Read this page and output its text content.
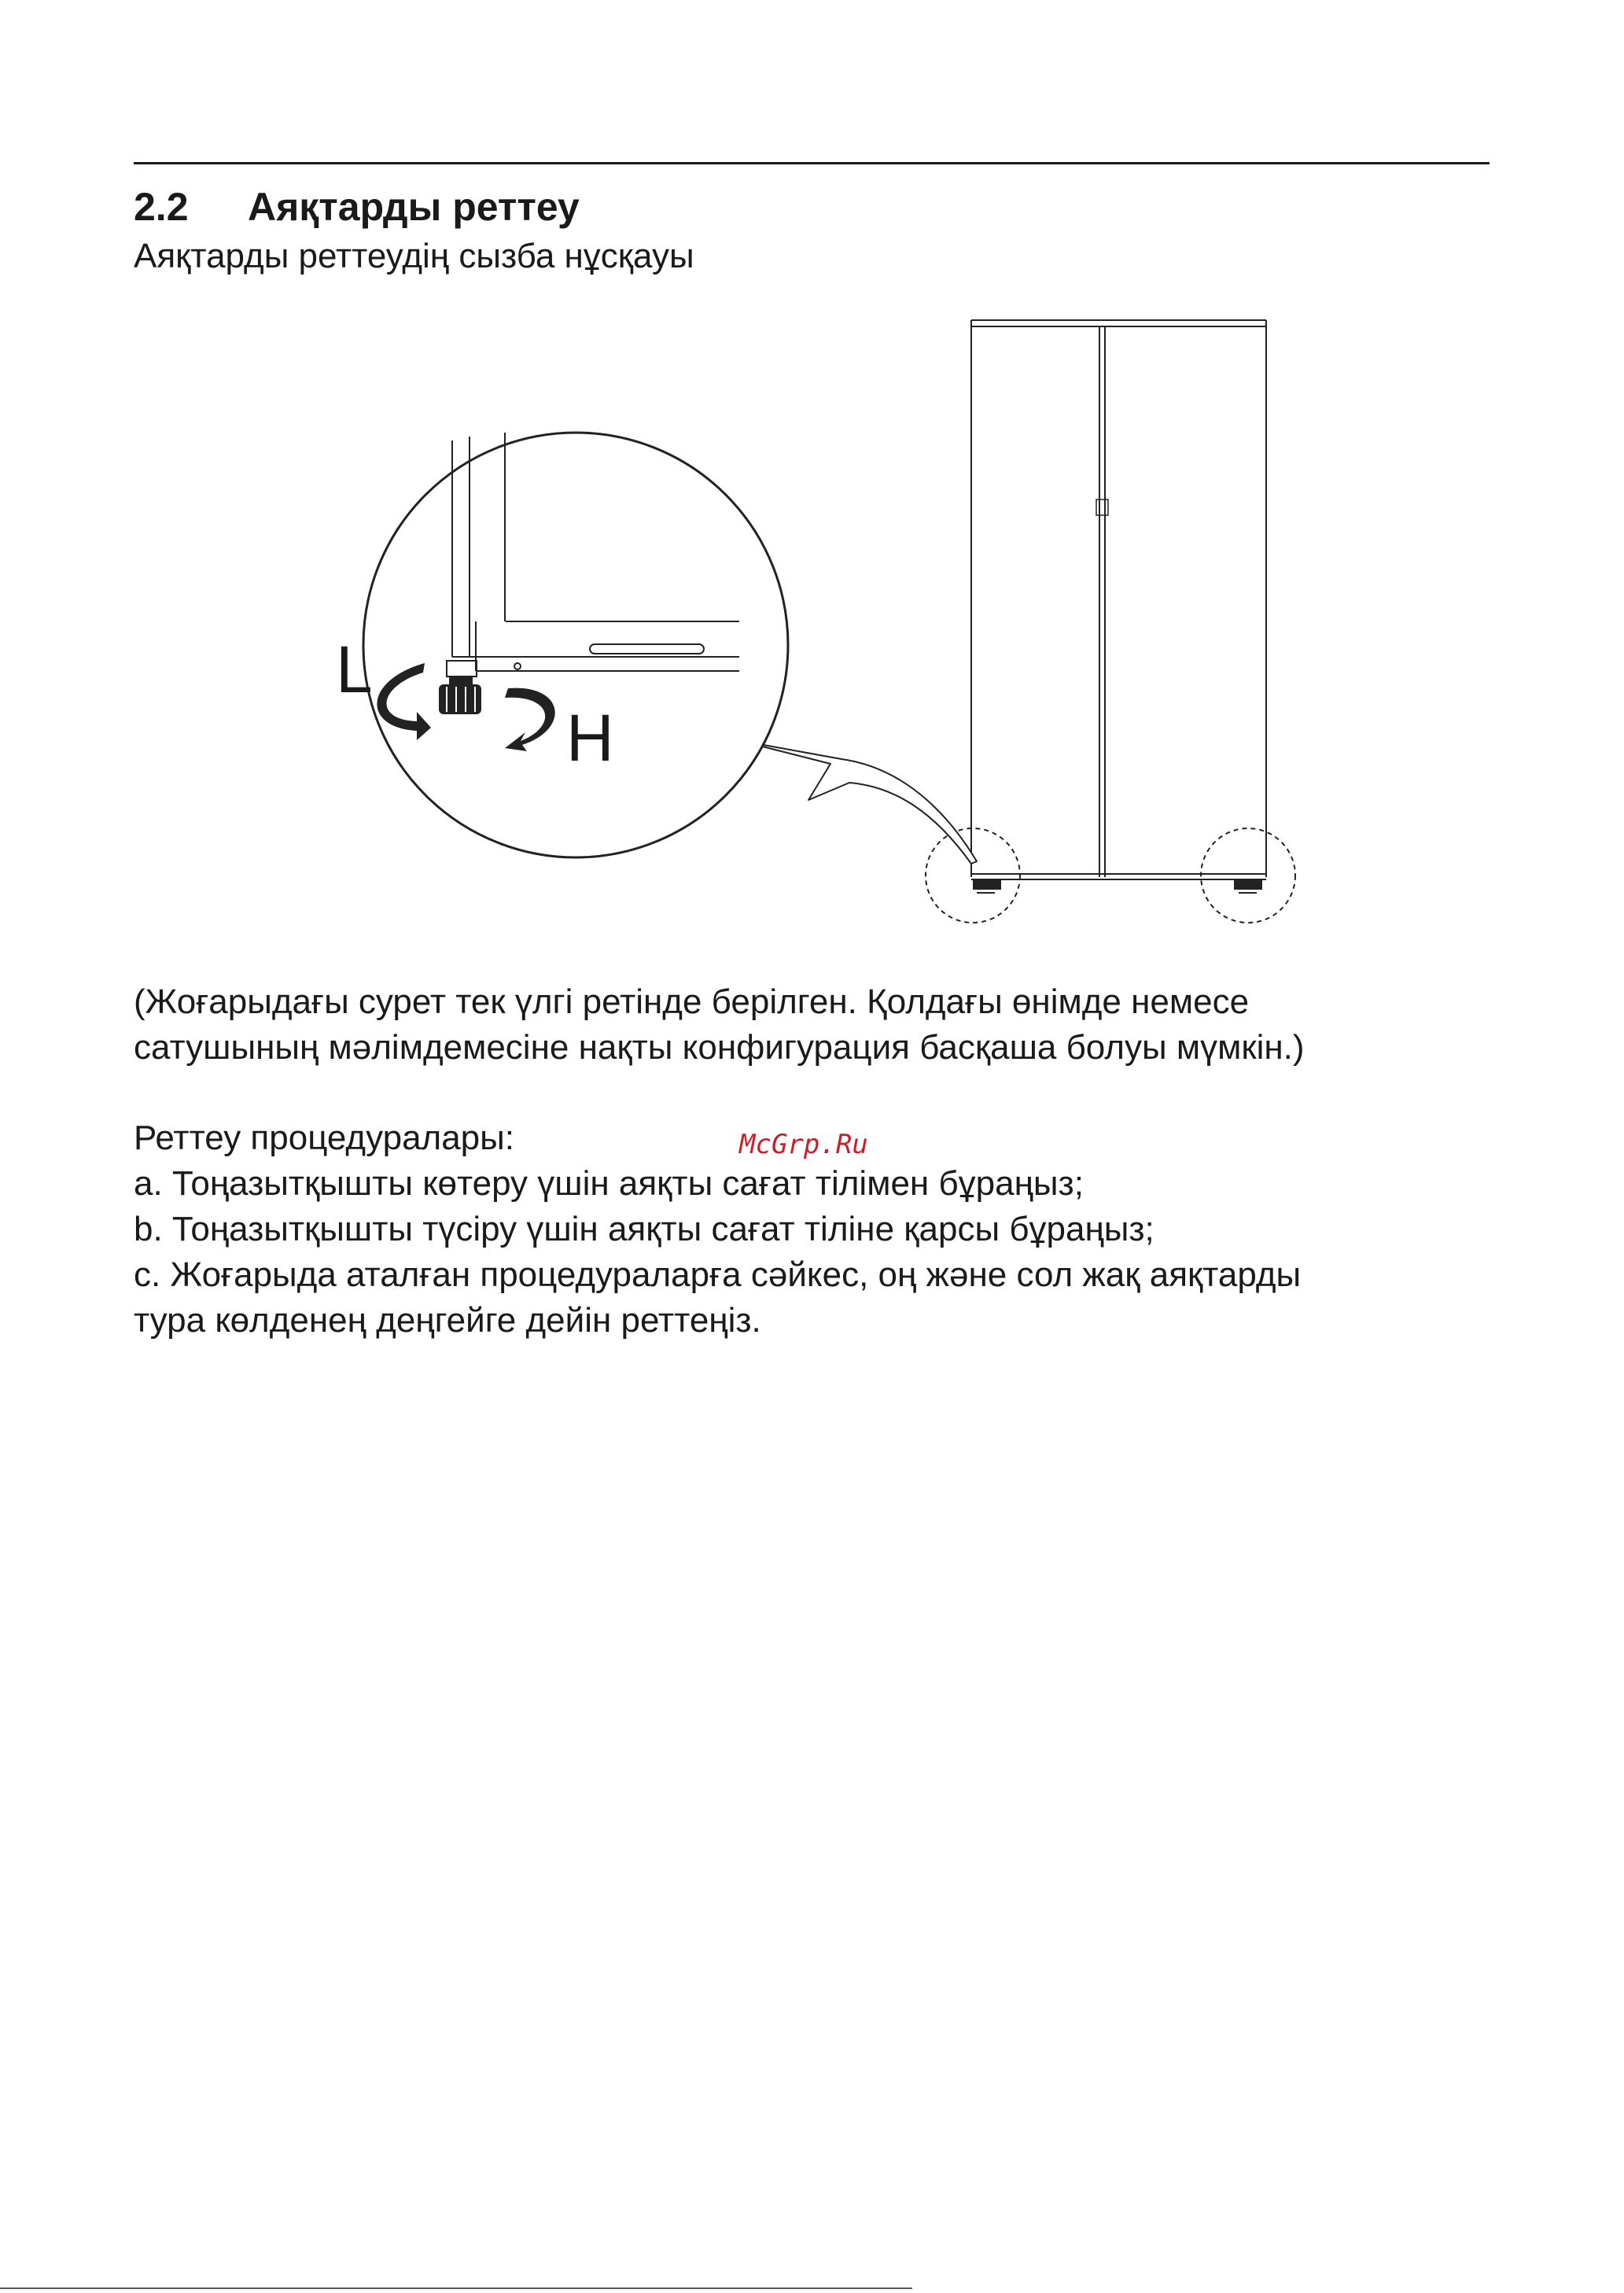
2.2 Аяқтарды реттеу
Аяқтарды реттеудің сызба нұсқауы
L
H
(Жоғарыдағы сурет тек үлгі ретінде берілген. Қолдағы өнімде немесе
сатушының мәлімдемесіне нақты конфигурация басқаша болуы мүмкін.)
McGrp.Ru
Реттеу процедуралары:
a. Тоңазытқышты көтеру үшін аяқты сағат тілімен бұраңыз;
b. Тоңазытқышты түсіру үшін аяқты сағат тіліне қарсы бұраңыз;
c. Жоғарыда аталған процедураларға сәйкес, оң және сол жақ аяқтарды
тура көлденең деңгейге дейін реттеңіз.
